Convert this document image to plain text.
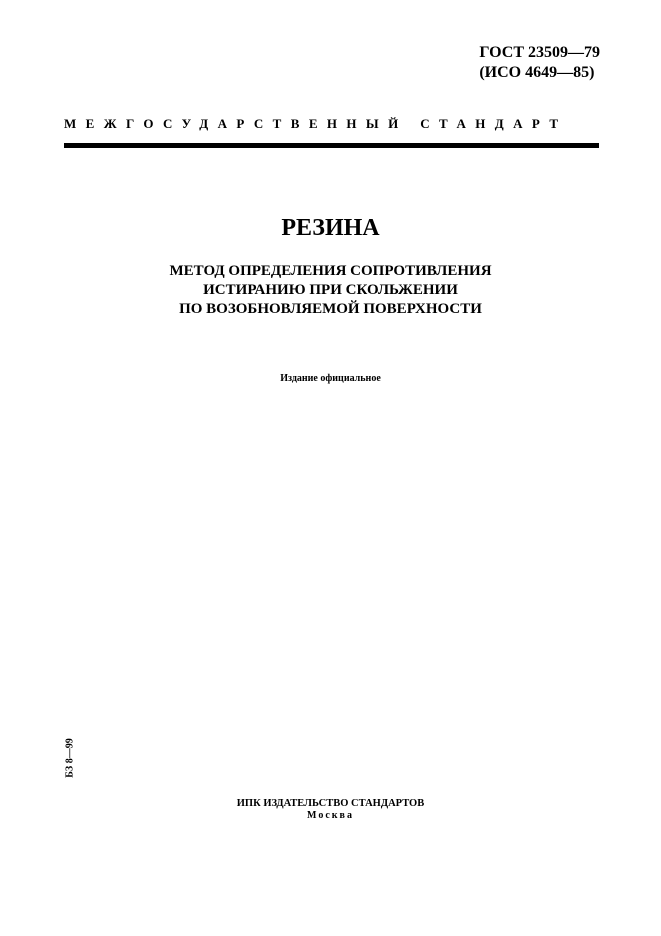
ГОСТ 23509—79
(ИСО 4649—85)
МЕЖГОСУДАРСТВЕННЫЙ СТАНДАРТ
РЕЗИНА
МЕТОД ОПРЕДЕЛЕНИЯ СОПРОТИВЛЕНИЯ
ИСТИРАНИЮ ПРИ СКОЛЬЖЕНИИ
ПО ВОЗОБНОВЛЯЕМОЙ ПОВЕРХНОСТИ
Издание официальное
БЗ 8—99
ИПК ИЗДАТЕЛЬСТВО СТАНДАРТОВ
Москва
